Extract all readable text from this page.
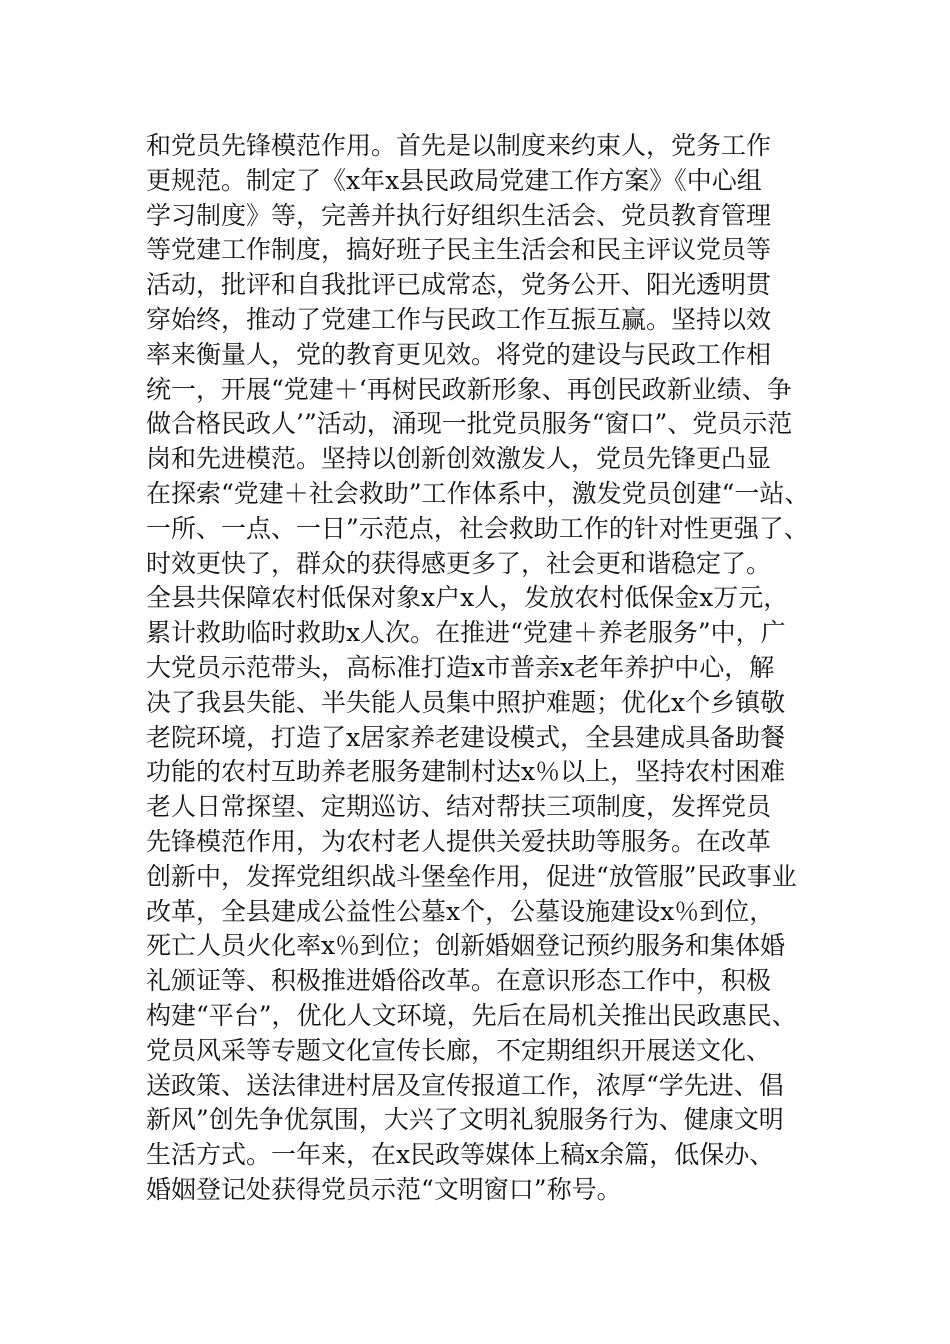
和党员先锋模范作用。首先是以制度来约束人，党务工作
更规范。制定了《x年x县民政局党建工作方案》《中心组
学习制度》等，完善并执行好组织生活会、党员教育管理
等党建工作制度，搞好班子民主生活会和民主评议党员等
活动，批评和自我批评已成常态，党务公开、阳光透明贯
穿始终，推动了党建工作与民政工作互振互赢。坚持以效
率来衡量人，党的教育更见效。将党的建设与民政工作相
统一，开展“党建＋‘再树民政新形象、再创民政新业绩、争
做合格民政人’”活动，涌现一批党员服务“窗口”、党员示范
岗和先进模范。坚持以创新创效激发人，党员先锋更凸显
在探索“党建＋社会救助”工作体系中，激发党员创建“一站、
一所、一点、一日”示范点，社会救助工作的针对性更强了、
时效更快了，群众的获得感更多了，社会更和谐稳定了。
全县共保障农村低保对象x户x人，发放农村低保金x万元，
累计救助临时救助x人次。在推进“党建＋养老服务”中，广
大党员示范带头，高标准打造x市普亲x老年养护中心，解
决了我县失能、半失能人员集中照护难题；优化x个乡镇敬
老院环境，打造了x居家养老建设模式，全县建成具备助餐
功能的农村互助养老服务建制村达x％以上，坚持农村困难
老人日常探望、定期巡访、结对帮扶三项制度，发挥党员
先锋模范作用，为农村老人提供关爱扶助等服务。在改革
创新中，发挥党组织战斗堡垒作用，促进“放管服”民政事业
改革，全县建成公益性公墓x个，公墓设施建设x％到位，
死亡人员火化率x％到位；创新婚姻登记预约服务和集体婚
礼颁证等、积极推进婚俗改革。在意识形态工作中，积极
构建“平台”，优化人文环境，先后在局机关推出民政惠民、
党员风采等专题文化宣传长廊，不定期组织开展送文化、
送政策、送法律进村居及宣传报道工作，浓厚“学先进、倡
新风”创先争优氛围，大兴了文明礼貌服务行为、健康文明
生活方式。一年来，在x民政等媒体上稿x余篇，低保办、
婚姻登记处获得党员示范“文明窗口”称号。
